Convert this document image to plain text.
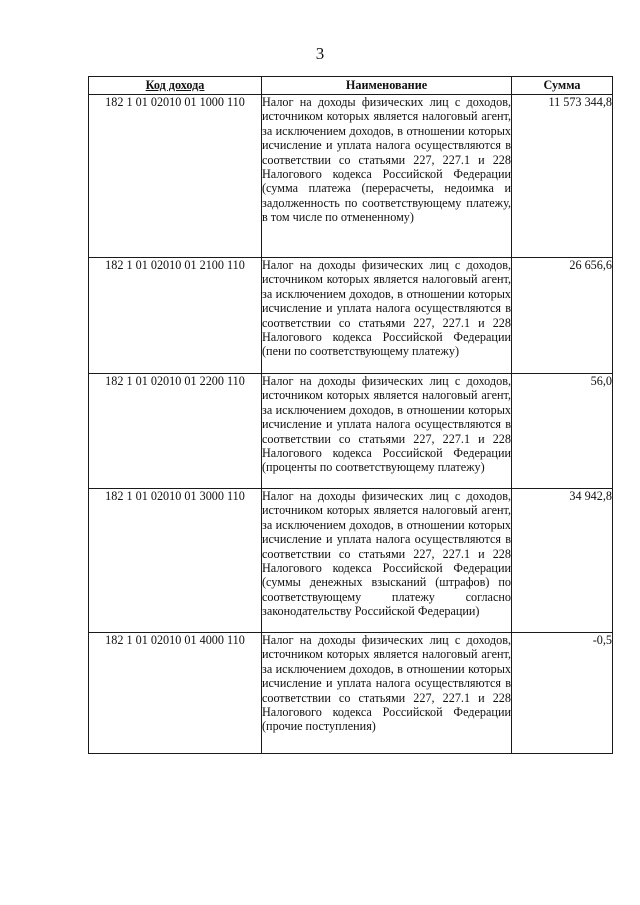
3
Код дохода	Наименование	Сумма
182 1 01 02010 01 1000 110	Налог на доходы физических лиц с доходов, источником которых является налоговый агент, за исключением доходов, в отношении которых исчисление и уплата налога осуществляются в соответствии со статьями 227, 227.1 и 228 Налогового кодекса Российской Федерации (сумма платежа (перерасчеты, недоимка и задолженность по соответствующему платежу, в том числе по отмененному)	11 573 344,8
182 1 01 02010 01 2100 110	Налог на доходы физических лиц с доходов, источником которых является налоговый агент, за исключением доходов, в отношении которых исчисление и уплата налога осуществляются в соответствии со статьями 227, 227.1 и 228 Налогового кодекса Российской Федерации (пени по соответствующему платежу)	26 656,6
182 1 01 02010 01 2200 110	Налог на доходы физических лиц с доходов, источником которых является налоговый агент, за исключением доходов, в отношении которых исчисление и уплата налога осуществляются в соответствии со статьями 227, 227.1 и 228 Налогового кодекса Российской Федерации (проценты по соответствующему платежу)	56,0
182 1 01 02010 01 3000 110	Налог на доходы физических лиц с доходов, источником которых является налоговый агент, за исключением доходов, в отношении которых исчисление и уплата налога осуществляются в соответствии со статьями 227, 227.1 и 228 Налогового кодекса Российской Федерации (суммы денежных взысканий (штрафов) по соответствующему платежу согласно законодательству Российской Федерации)	34 942,8
182 1 01 02010 01 4000 110	Налог на доходы физических лиц с доходов, источником которых является налоговый агент, за исключением доходов, в отношении которых исчисление и уплата налога осуществляются в соответствии со статьями 227, 227.1 и 228 Налогового кодекса Российской Федерации (прочие поступления)	-0,5
